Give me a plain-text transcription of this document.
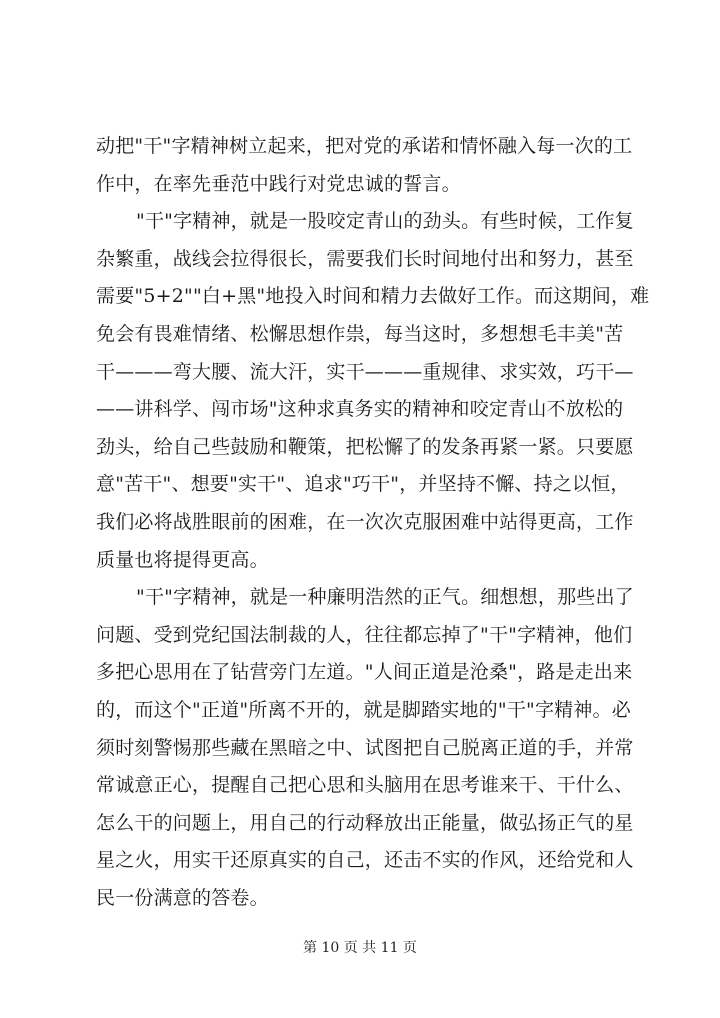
动把"干"字精神树立起来，把对党的承诺和情怀融入每一次的工
作中，在率先垂范中践行对党忠诚的誓言。
"干"字精神，就是一股咬定青山的劲头。有些时候，工作复
杂繁重，战线会拉得很长，需要我们长时间地付出和努力，甚至
需要"5+2""白+黑"地投入时间和精力去做好工作。而这期间，难
免会有畏难情绪、松懈思想作祟，每当这时，多想想毛丰美"苦
干———弯大腰、流大汗，实干———重规律、求实效，巧干—
——讲科学、闯市场"这种求真务实的精神和咬定青山不放松的
劲头，给自己些鼓励和鞭策，把松懈了的发条再紧一紧。只要愿
意"苦干"、想要"实干"、追求"巧干"，并坚持不懈、持之以恒，
我们必将战胜眼前的困难，在一次次克服困难中站得更高，工作
质量也将提得更高。
"干"字精神，就是一种廉明浩然的正气。细想想，那些出了
问题、受到党纪国法制裁的人，往往都忘掉了"干"字精神，他们
多把心思用在了钻营旁门左道。"人间正道是沧桑"，路是走出来
的，而这个"正道"所离不开的，就是脚踏实地的"干"字精神。必
须时刻警惕那些藏在黑暗之中、试图把自己脱离正道的手，并常
常诚意正心，提醒自己把心思和头脑用在思考谁来干、干什么、
怎么干的问题上，用自己的行动释放出正能量，做弘扬正气的星
星之火，用实干还原真实的自己，还击不实的作风，还给党和人
民一份满意的答卷。
第 10 页 共 11 页
